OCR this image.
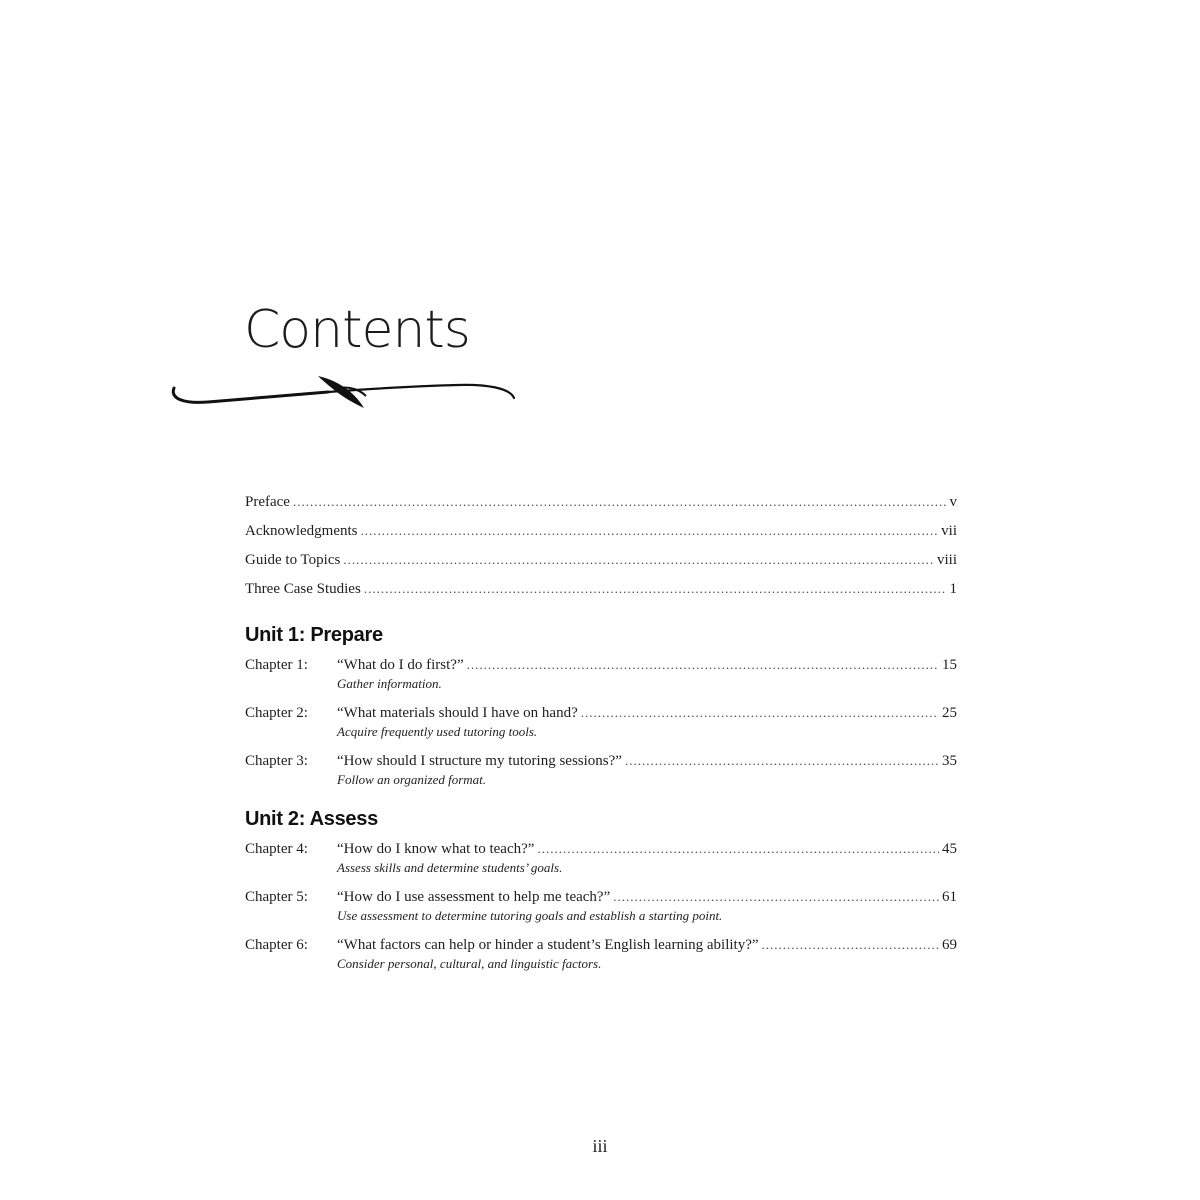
Contents
Preface .....	v
Acknowledgments .....	vii
Guide to Topics .....	viii
Three Case Studies .....	1
Unit 1: Prepare
Chapter 1:	“What do I do first?” .....	15
Gather information.
Chapter 2:	“What materials should I have on hand? .....	25
Acquire frequently used tutoring tools.
Chapter 3:	“How should I structure my tutoring sessions?” .....	35
Follow an organized format.
Unit 2: Assess
Chapter 4:	“How do I know what to teach?” .....	45
Assess skills and determine students’ goals.
Chapter 5:	“How do I use assessment to help me teach?” .....	61
Use assessment to determine tutoring goals and establish a starting point.
Chapter 6:	“What factors can help or hinder a student’s English learning ability?” .....	69
Consider personal, cultural, and linguistic factors.
iii
